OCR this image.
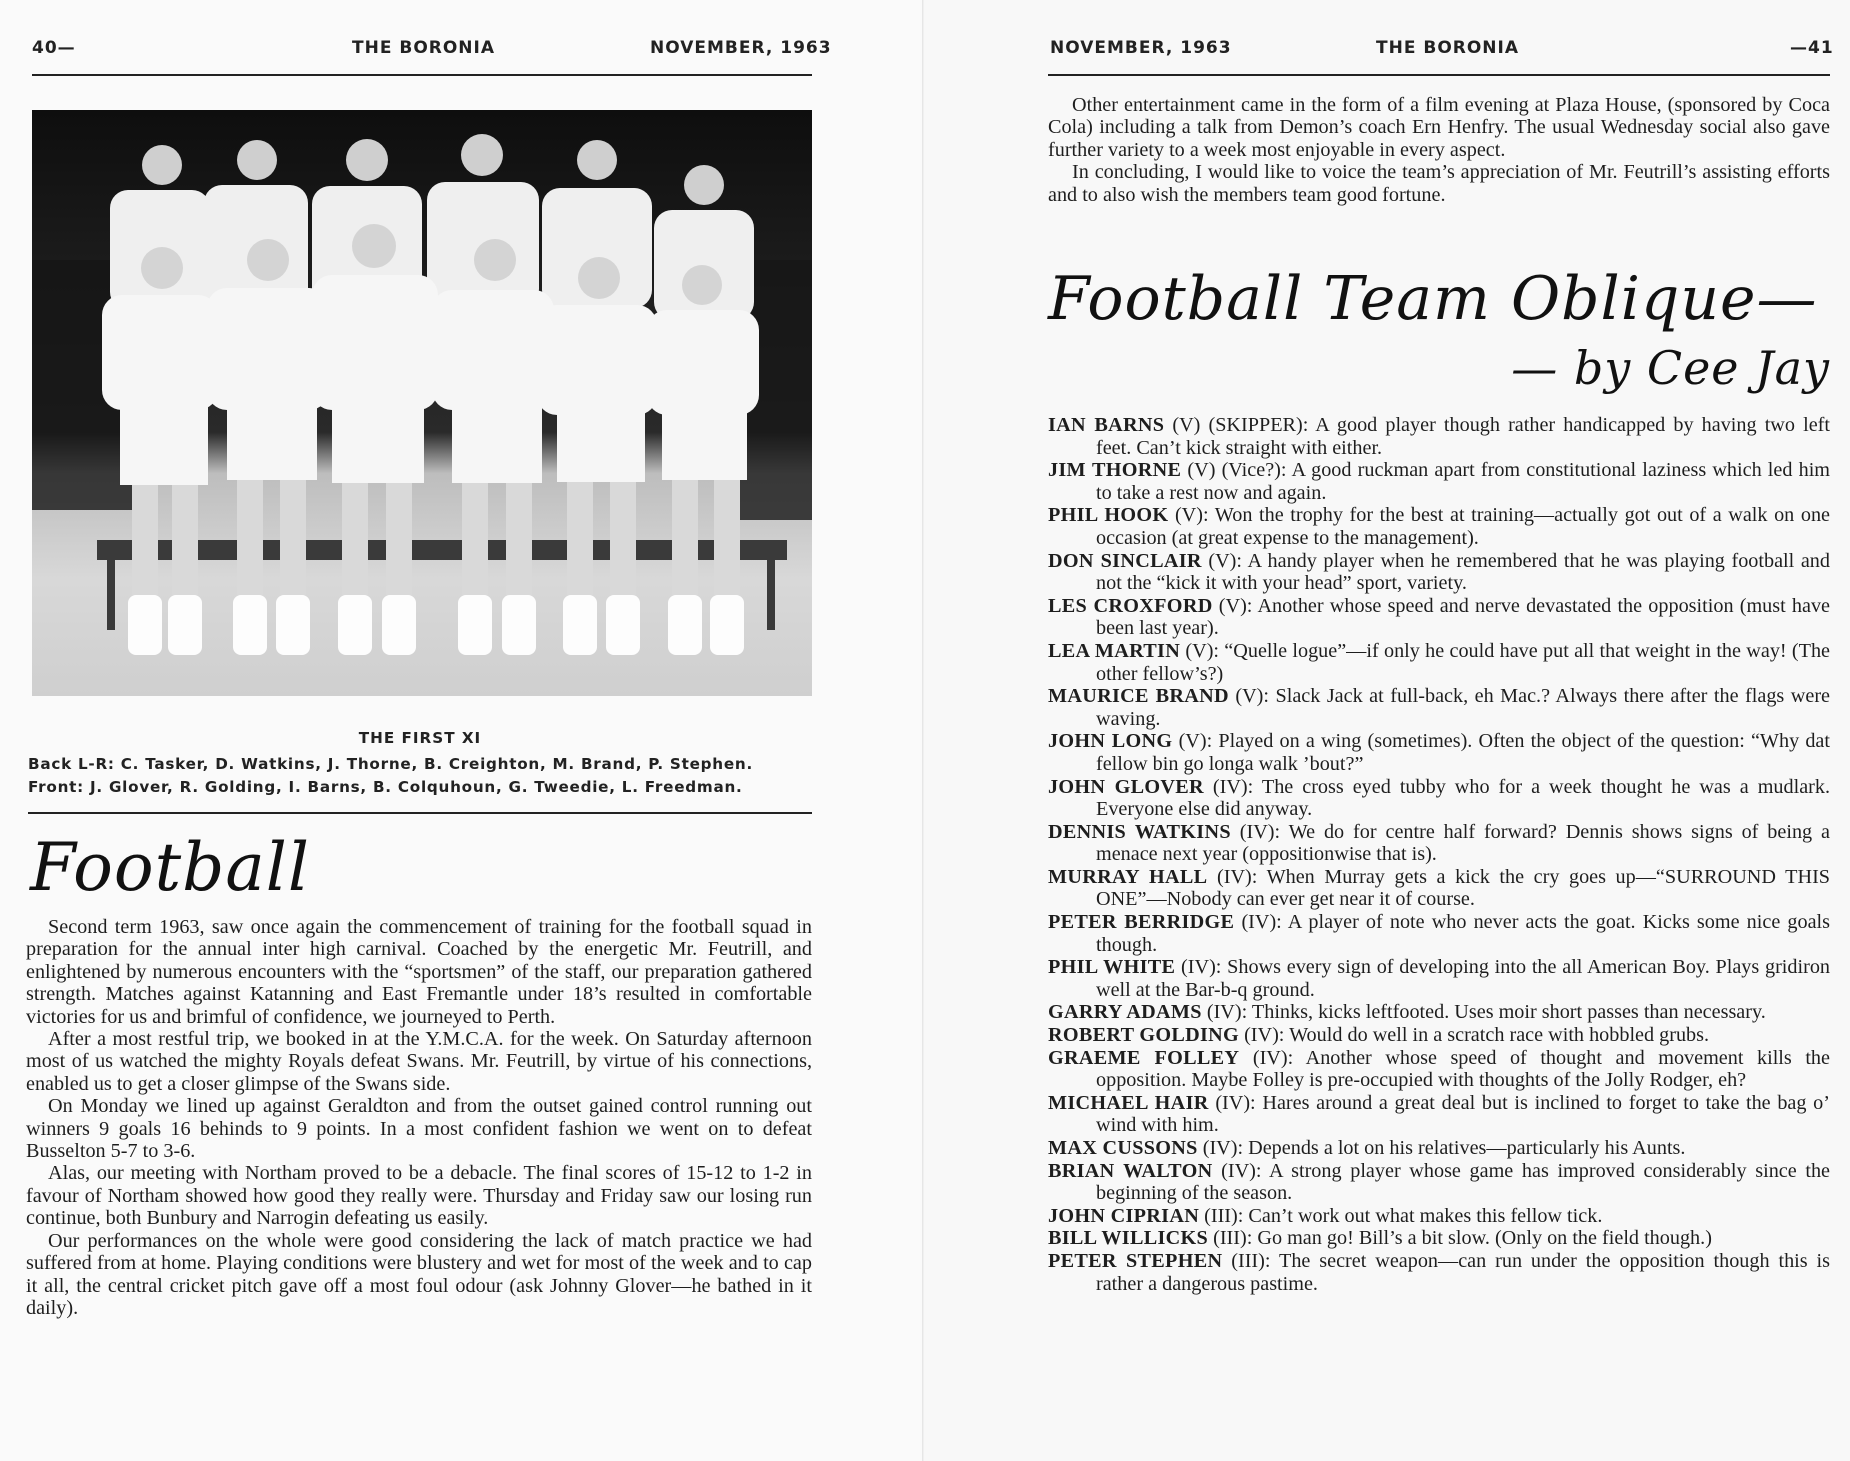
40—	THE BORONIA	NOVEMBER, 1963
THE FIRST XI
Back L-R: C. Tasker, D. Watkins, J. Thorne, B. Creighton, M. Brand, P. Stephen.
Front: J. Glover, R. Golding, I. Barns, B. Colquhoun, G. Tweedie, L. Freedman.
Football

Second term 1963, saw once again the commencement of training for the football squad in preparation for the annual inter high carnival. Coached by the energetic Mr. Feutrill, and enlightened by numerous encounters with the “sportsmen” of the staff, our preparation gathered strength. Matches against Katanning and East Fremantle under 18’s resulted in comfortable victories for us and brimful of confidence, we journeyed to Perth.

After a most restful trip, we booked in at the Y.M.C.A. for the week. On Saturday afternoon most of us watched the mighty Royals defeat Swans. Mr. Feutrill, by virtue of his connections, enabled us to get a closer glimpse of the Swans side.

On Monday we lined up against Geraldton and from the outset gained control running out winners 9 goals 16 behinds to 9 points. In a most confident fashion we went on to defeat Busselton 5-7 to 3-6.

Alas, our meeting with Northam proved to be a debacle. The final scores of 15-12 to 1-2 in favour of Northam showed how good they really were. Thursday and Friday saw our losing run continue, both Bunbury and Narrogin defeating us easily.

Our performances on the whole were good considering the lack of match practice we had suffered from at home. Playing conditions were blustery and wet for most of the week and to cap it all, the central cricket pitch gave off a most foul odour (ask Johnny Glover—he bathed in it daily).

NOVEMBER, 1963	THE BORONIA	—41

Other entertainment came in the form of a film evening at Plaza House, (sponsored by Coca Cola) including a talk from Demon’s coach Ern Henfry. The usual Wednesday social also gave further variety to a week most enjoyable in every aspect.

In concluding, I would like to voice the team’s appreciation of Mr. Feutrill’s assisting efforts and to also wish the members team good fortune.

Football Team Oblique—
— by Cee Jay
IAN BARNS (V) (SKIPPER): A good player though rather handicapped by having two left feet. Can’t kick straight with either.
JIM THORNE (V) (Vice?): A good ruckman apart from constitutional laziness which led him to take a rest now and again.
PHIL HOOK (V): Won the trophy for the best at training—actually got out of a walk on one occasion (at great expense to the management).
DON SINCLAIR (V): A handy player when he remembered that he was playing football and not the “kick it with your head” sport, variety.
LES CROXFORD (V): Another whose speed and nerve devastated the opposition (must have been last year).
LEA MARTIN (V): “Quelle logue”—if only he could have put all that weight in the way! (The other fellow’s?)
MAURICE BRAND (V): Slack Jack at full-back, eh Mac.? Always there after the flags were waving.
JOHN LONG (V): Played on a wing (sometimes). Often the object of the question: “Why dat fellow bin go longa walk ’bout?”
JOHN GLOVER (IV): The cross eyed tubby who for a week thought he was a mudlark. Everyone else did anyway.
DENNIS WATKINS (IV): We do for centre half forward? Dennis shows signs of being a menace next year (oppositionwise that is).
MURRAY HALL (IV): When Murray gets a kick the cry goes up—“SURROUND THIS ONE”—Nobody can ever get near it of course.
PETER BERRIDGE (IV): A player of note who never acts the goat. Kicks some nice goals though.
PHIL WHITE (IV): Shows every sign of developing into the all American Boy. Plays gridiron well at the Bar-b-q ground.
GARRY ADAMS (IV): Thinks, kicks leftfooted. Uses moir short passes than necessary.
ROBERT GOLDING (IV): Would do well in a scratch race with hobbled grubs.
GRAEME FOLLEY (IV): Another whose speed of thought and movement kills the opposition. Maybe Folley is pre-occupied with thoughts of the Jolly Rodger, eh?
MICHAEL HAIR (IV): Hares around a great deal but is inclined to forget to take the bag o’ wind with him.
MAX CUSSONS (IV): Depends a lot on his relatives—particularly his Aunts.
BRIAN WALTON (IV): A strong player whose game has improved considerably since the beginning of the season.
JOHN CIPRIAN (III): Can’t work out what makes this fellow tick.
BILL WILLICKS (III): Go man go! Bill’s a bit slow. (Only on the field though.)
PETER STEPHEN (III): The secret weapon—can run under the opposition though this is rather a dangerous pastime.
